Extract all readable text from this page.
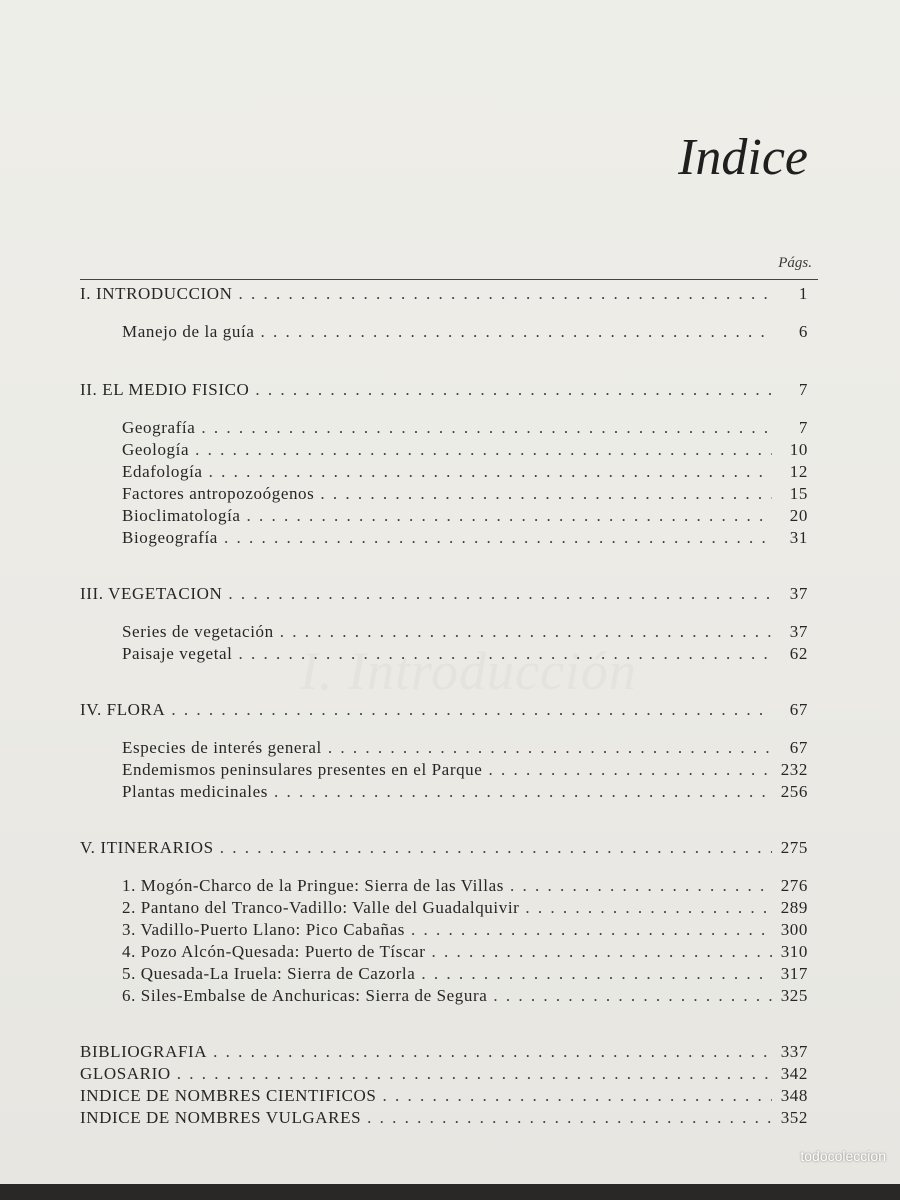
I. Introducción
Indice
Págs.
I. INTRODUCCION . . .	1
Manejo de la guía . . .	6
II. EL MEDIO FISICO . . .	7
Geografía . . .	7
Geología . . .	10
Edafología . . .	12
Factores antropozoógenos . . .	15
Bioclimatología . . .	20
Biogeografía . . .	31
III. VEGETACION . . .	37
Series de vegetación . . .	37
Paisaje vegetal . . .	62
IV. FLORA . . .	67
Especies de interés general . . .	67
Endemismos peninsulares presentes en el Parque . . .	232
Plantas medicinales . . .	256
V. ITINERARIOS . . .	275
1. Mogón-Charco de la Pringue: Sierra de las Villas . . .	276
2. Pantano del Tranco-Vadillo: Valle del Guadalquivir . . .	289
3. Vadillo-Puerto Llano: Pico Cabañas . . .	300
4. Pozo Alcón-Quesada: Puerto de Tíscar . . .	310
5. Quesada-La Iruela: Sierra de Cazorla . . .	317
6. Siles-Embalse de Anchuricas: Sierra de Segura . . .	325
BIBLIOGRAFIA . . .	337
GLOSARIO . . .	342
INDICE DE NOMBRES CIENTIFICOS . . .	348
INDICE DE NOMBRES VULGARES . . .	352
todocoleccion
